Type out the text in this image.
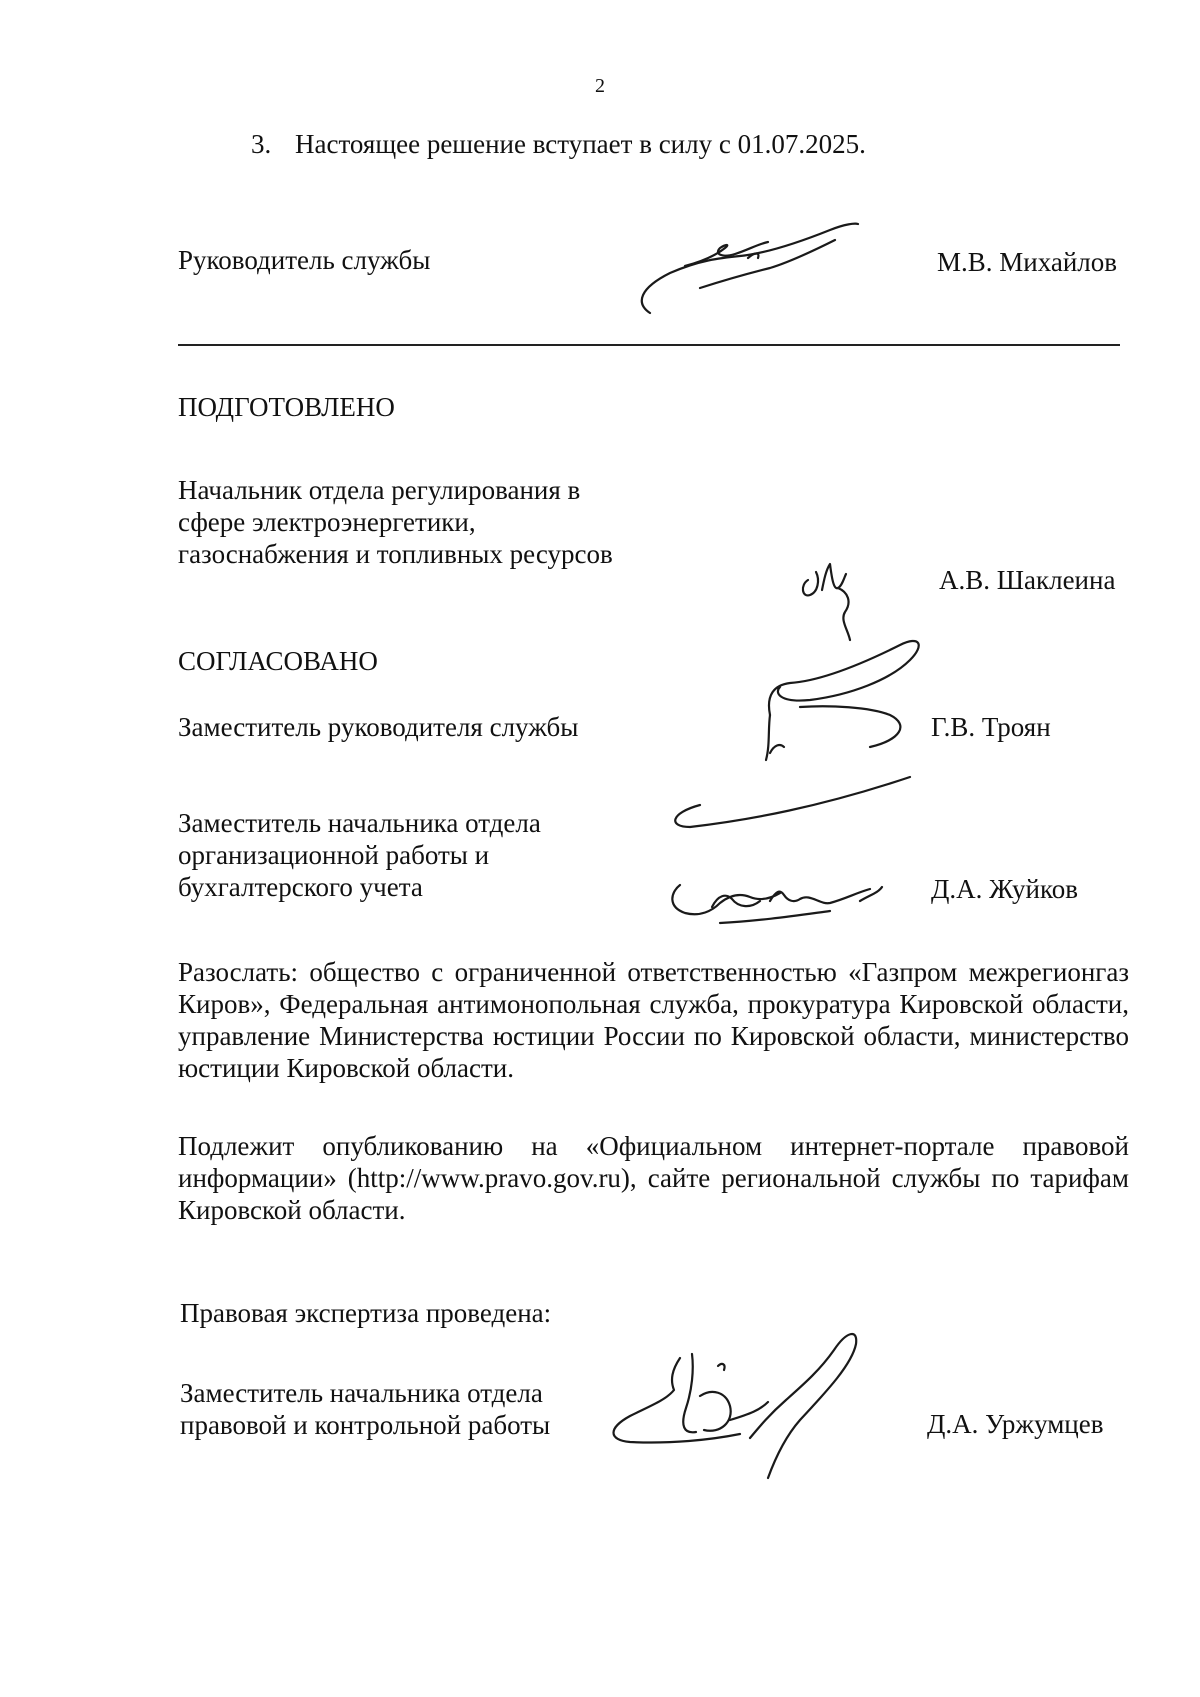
2
3. Настоящее решение вступает в силу с 01.07.2025.
Руководитель службы	М.В. Михайлов
ПОДГОТОВЛЕНО
Начальник отдела регулирования в
сфере электроэнергетики,
газоснабжения и топливных ресурсов
А.В. Шаклеина
СОГЛАСОВАНО
Заместитель руководителя службы	Г.В. Троян
Заместитель начальника отдела
организационной работы и
бухгалтерского учета	Д.А. Жуйков
Разослать: общество с ограниченной ответственностью «Газпром межрегионгаз Киров», Федеральная антимонопольная служба, прокуратура Кировской области, управление Министерства юстиции России по Кировской области, министерство юстиции Кировской области.
Подлежит опубликованию на «Официальном интернет-портале правовой информации» (http://www.pravo.gov.ru), сайте региональной службы по тарифам Кировской области.
Правовая экспертиза проведена:
Заместитель начальника отдела
правовой и контрольной работы	Д.А. Уржумцев
